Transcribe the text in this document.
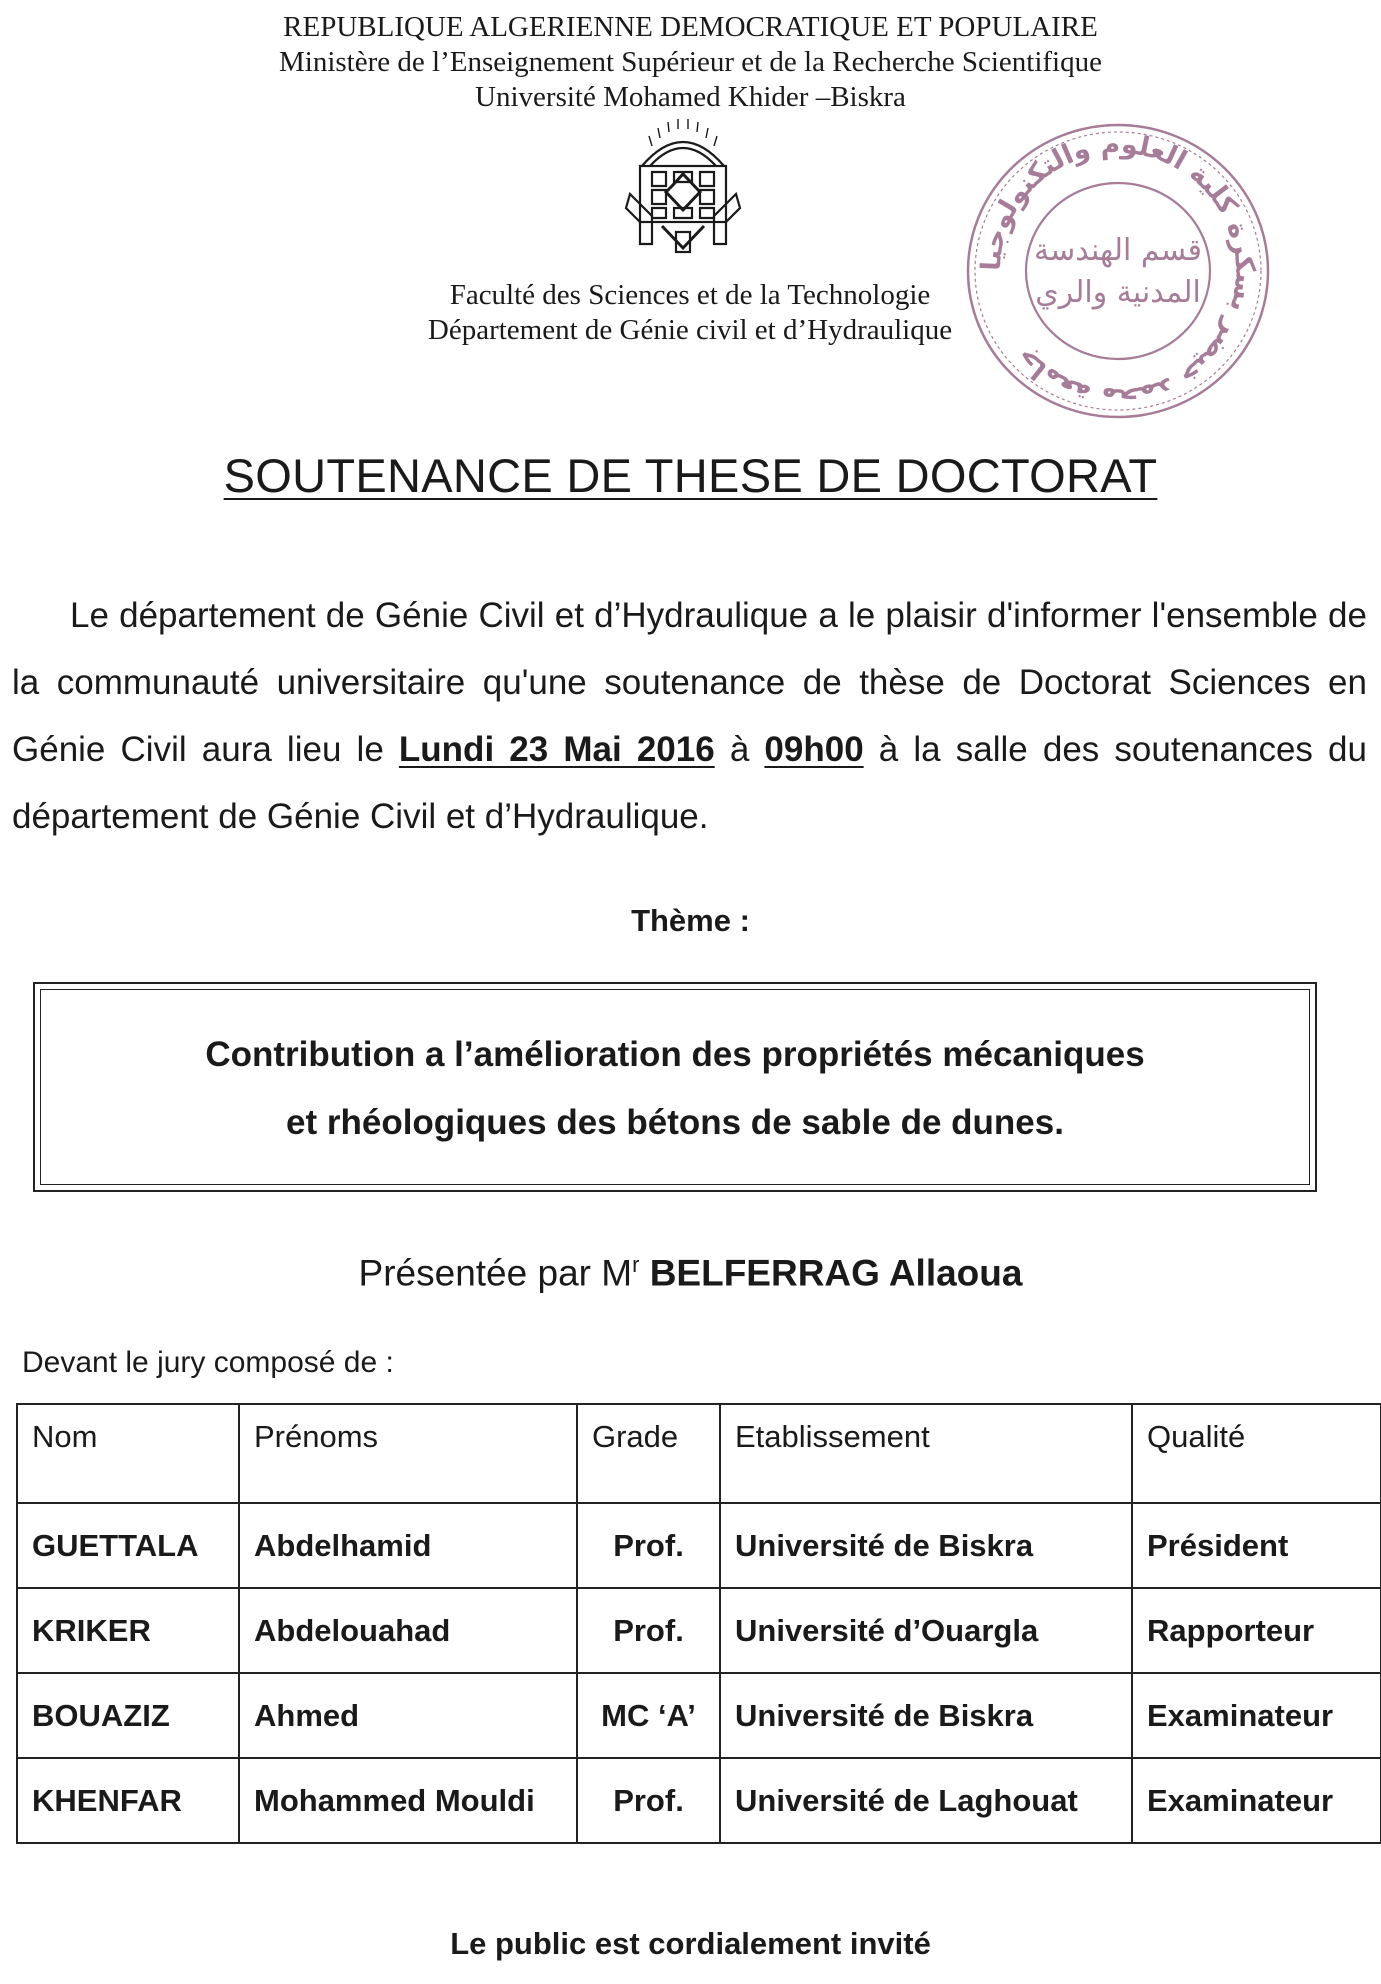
REPUBLIQUE ALGERIENNE DEMOCRATIQUE ET POPULAIRE
Ministère de l’Enseignement Supérieur et de la Recherche Scientifique
Université Mohamed Khider –Biskra
Faculté des Sciences et de la Technologie
Département de Génie civil et d’Hydraulique
جامعة محمد خيضر بسكرة كلية العلوم والتكنولوجيا
قسم الهندسة
المدنية والري
SOUTENANCE DE THESE DE DOCTORAT
Le département de Génie Civil et d’Hydraulique a le plaisir d'informer l'ensemble de la communauté universitaire qu'une soutenance de thèse de Doctorat Sciences en Génie Civil aura lieu le Lundi 23 Mai 2016 à 09h00 à la salle des soutenances du département de Génie Civil et d’Hydraulique.
Thème :
Contribution a l’amélioration des propriétés mécaniques
et rhéologiques des bétons de sable de dunes.
Présentée par $M^r$ BELFERRAG Allaoua
Devant le jury composé de :
Nom	Prénoms	Grade	Etablissement	Qualité
GUETTALA	Abdelhamid	Prof.	Université de Biskra	Président
KRIKER	Abdelouahad	Prof.	Université d’Ouargla	Rapporteur
BOUAZIZ	Ahmed	MC ‘A’	Université de Biskra	Examinateur
KHENFAR	Mohammed Mouldi	Prof.	Université de Laghouat	Examinateur
Le public est cordialement invité
